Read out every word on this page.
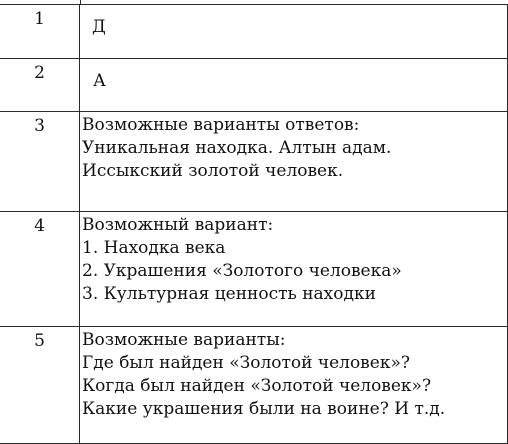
1	Д

2	А

3	Возможные варианты ответов:
Уникальная находка. Алтын адам.
Иссыкский золотой человек.

4	Возможный вариант:
1. Находка века
2. Украшения «Золотого человека»
3. Культурная ценность находки

5	Возможные варианты:
Где был найден «Золотой человек»?
Когда был найден «Золотой человек»?
Какие украшения были на воине? И т.д.
